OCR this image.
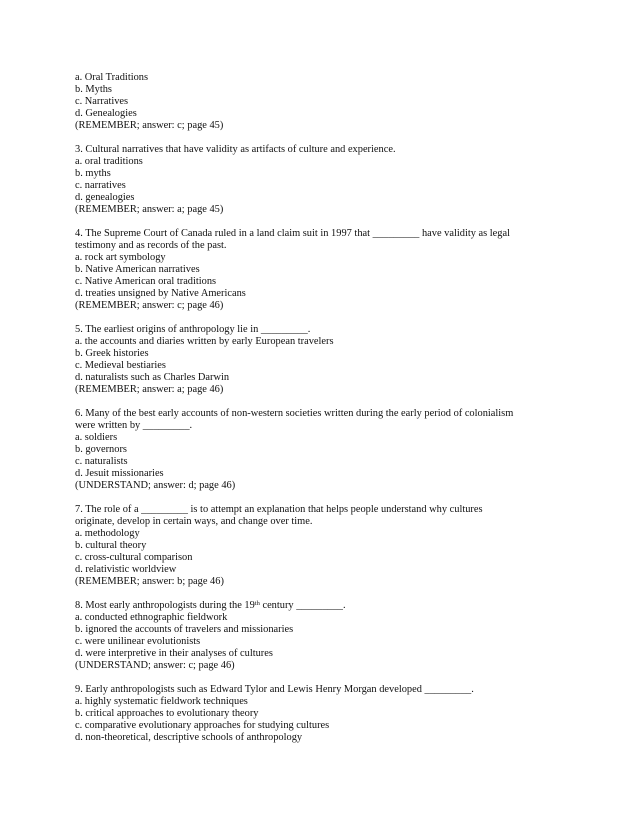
a. Oral Traditions
b. Myths
c. Narratives
d. Genealogies
(REMEMBER; answer: c; page 45)
3. Cultural narratives that have validity as artifacts of culture and experience.
a. oral traditions
b. myths
c. narratives
d. genealogies
(REMEMBER; answer: a; page 45)
4. The Supreme Court of Canada ruled in a land claim suit in 1997 that _________ have validity as legal
testimony and as records of the past.
a. rock art symbology
b. Native American narratives
c. Native American oral traditions
d. treaties unsigned by Native Americans
(REMEMBER; answer: c; page 46)
5. The earliest origins of anthropology lie in _________.
a. the accounts and diaries written by early European travelers
b. Greek histories
c. Medieval bestiaries
d. naturalists such as Charles Darwin
(REMEMBER; answer: a; page 46)
6. Many of the best early accounts of non-western societies written during the early period of colonialism
were written by _________.
a. soldiers
b. governors
c. naturalists
d. Jesuit missionaries
(UNDERSTAND; answer: d; page 46)
7. The role of a _________ is to attempt an explanation that helps people understand why cultures
originate, develop in certain ways, and change over time.
a. methodology
b. cultural theory
c. cross-cultural comparison
d. relativistic worldview
(REMEMBER; answer: b; page 46)
8. Most early anthropologists during the 19th century _________.
a. conducted ethnographic fieldwork
b. ignored the accounts of travelers and missionaries
c. were unilinear evolutionists
d. were interpretive in their analyses of cultures
(UNDERSTAND; answer: c; page 46)
9. Early anthropologists such as Edward Tylor and Lewis Henry Morgan developed _________.
a. highly systematic fieldwork techniques
b. critical approaches to evolutionary theory
c. comparative evolutionary approaches for studying cultures
d. non-theoretical, descriptive schools of anthropology
